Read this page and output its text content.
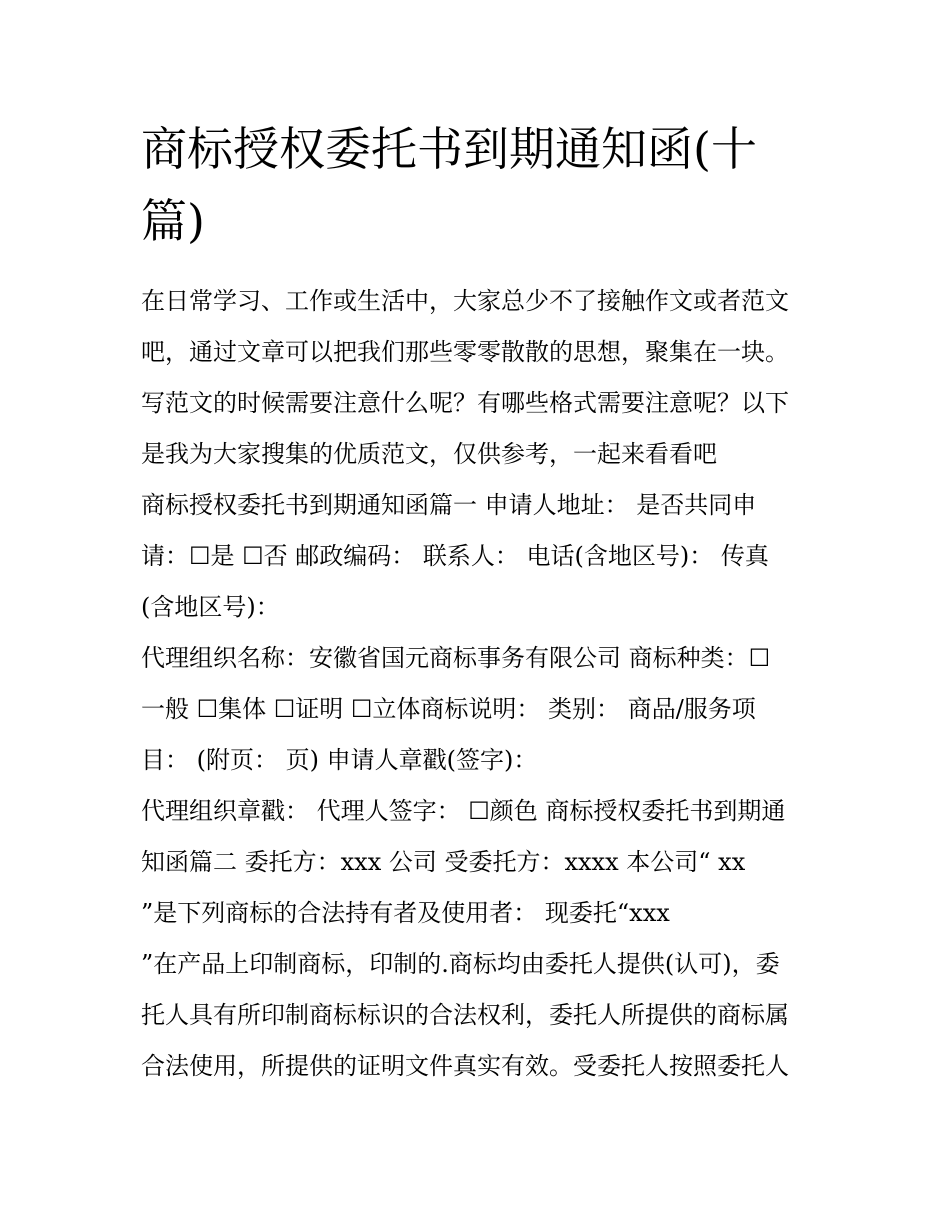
商标授权委托书到期通知函(十
篇)
在日常学习、工作或生活中，大家总少不了接触作文或者范文
吧，通过文章可以把我们那些零零散散的思想，聚集在一块。
写范文的时候需要注意什么呢？有哪些格式需要注意呢？以下
是我为大家搜集的优质范文，仅供参考，一起来看看吧
商标授权委托书到期通知函篇一 申请人地址： 是否共同申
请：☐是 ☐否 邮政编码： 联系人： 电话(含地区号)： 传真
(含地区号)：
代理组织名称：安徽省国元商标事务有限公司 商标种类：☐
一般 ☐集体 ☐证明 ☐立体商标说明： 类别： 商品/服务项
目： (附页： 页) 申请人章戳(签字)：
代理组织章戳： 代理人签字： ☐颜色 商标授权委托书到期通
知函篇二 委托方：xxx 公司 受委托方：xxxx 本公司“ xx
”是下列商标的合法持有者及使用者： 现委托“xxx
”在产品上印制商标，印制的.商标均由委托人提供(认可)，委
托人具有所印制商标标识的合法权利，委托人所提供的商标属
合法使用，所提供的证明文件真实有效。受委托人按照委托人
